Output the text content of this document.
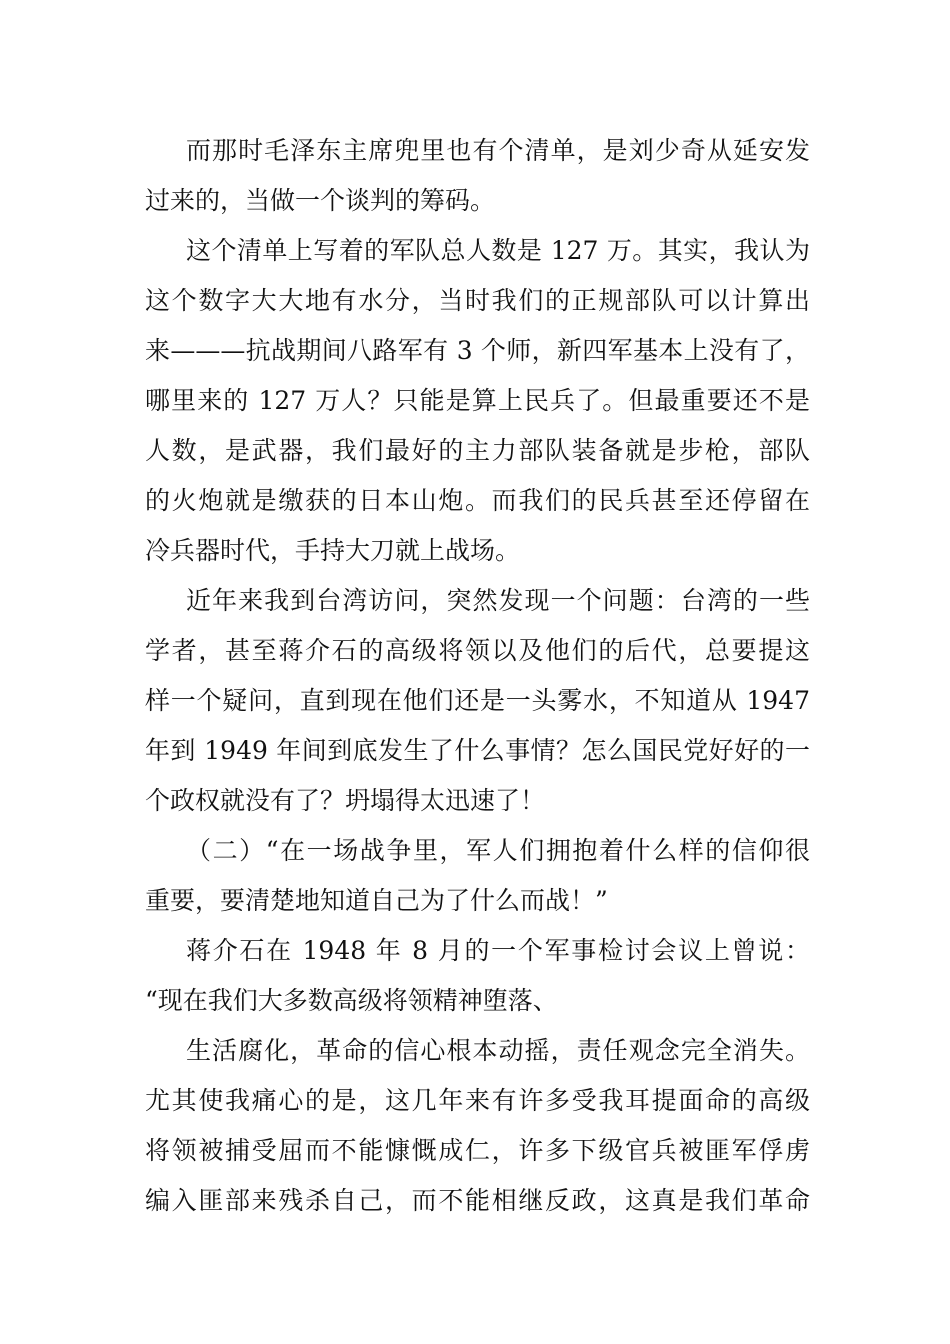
而那时毛泽东主席兜里也有个清单，是刘少奇从延安发
过来的，当做一个谈判的筹码。
这个清单上写着的军队总人数是 127 万。其实，我认为
这个数字大大地有水分，当时我们的正规部队可以计算出
来———抗战期间八路军有 3 个师，新四军基本上没有了，
哪里来的 127 万人？只能是算上民兵了。但最重要还不是
人数，是武器，我们最好的主力部队装备就是步枪，部队
的火炮就是缴获的日本山炮。而我们的民兵甚至还停留在
冷兵器时代，手持大刀就上战场。
近年来我到台湾访问，突然发现一个问题：台湾的一些
学者，甚至蒋介石的高级将领以及他们的后代，总要提这
样一个疑问，直到现在他们还是一头雾水，不知道从 1947
年到 1949 年间到底发生了什么事情？怎么国民党好好的一
个政权就没有了？坍塌得太迅速了！
（二）“在一场战争里，军人们拥抱着什么样的信仰很
重要，要清楚地知道自己为了什么而战！”
蒋介石在 1948 年 8 月的一个军事检讨会议上曾说：
“现在我们大多数高级将领精神堕落、
生活腐化，革命的信心根本动摇，责任观念完全消失。
尤其使我痛心的是，这几年来有许多受我耳提面命的高级
将领被捕受屈而不能慷慨成仁，许多下级官兵被匪军俘虏
编入匪部来残杀自己，而不能相继反政，这真是我们革命
